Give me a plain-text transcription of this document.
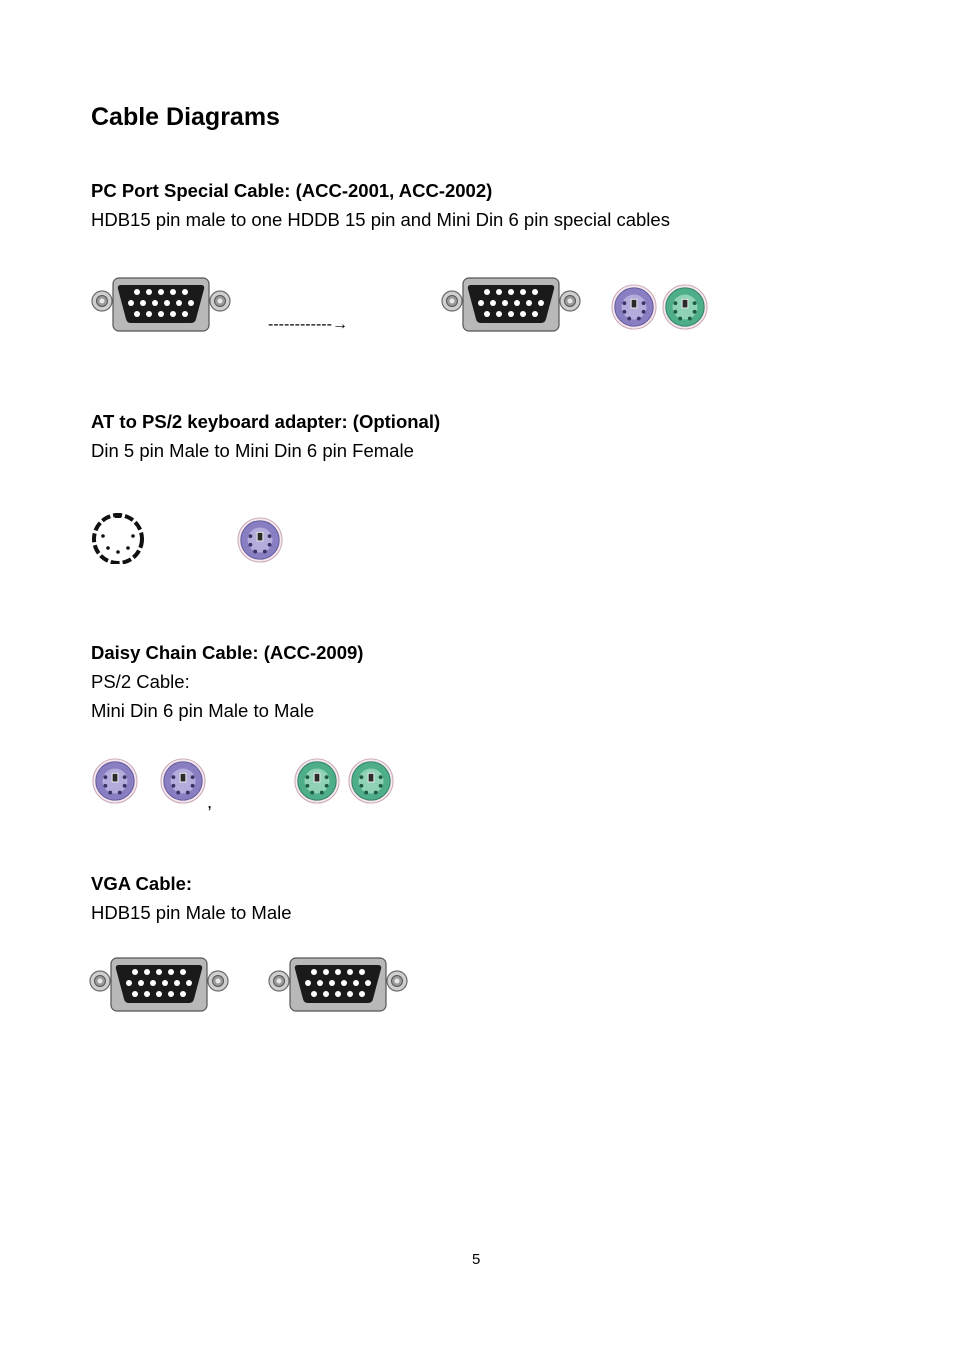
Cable Diagrams
PC Port Special Cable: (ACC-2001, ACC-2002)
HDB15 pin male to one HDDB 15 pin and Mini Din 6 pin special cables
------------→
AT to PS/2 keyboard adapter: (Optional)
Din 5 pin Male to Mini Din 6 pin Female
Daisy Chain Cable: (ACC-2009)
PS/2 Cable:
Mini Din 6 pin Male to Male
,
VGA Cable:
HDB15 pin Male to Male
5
